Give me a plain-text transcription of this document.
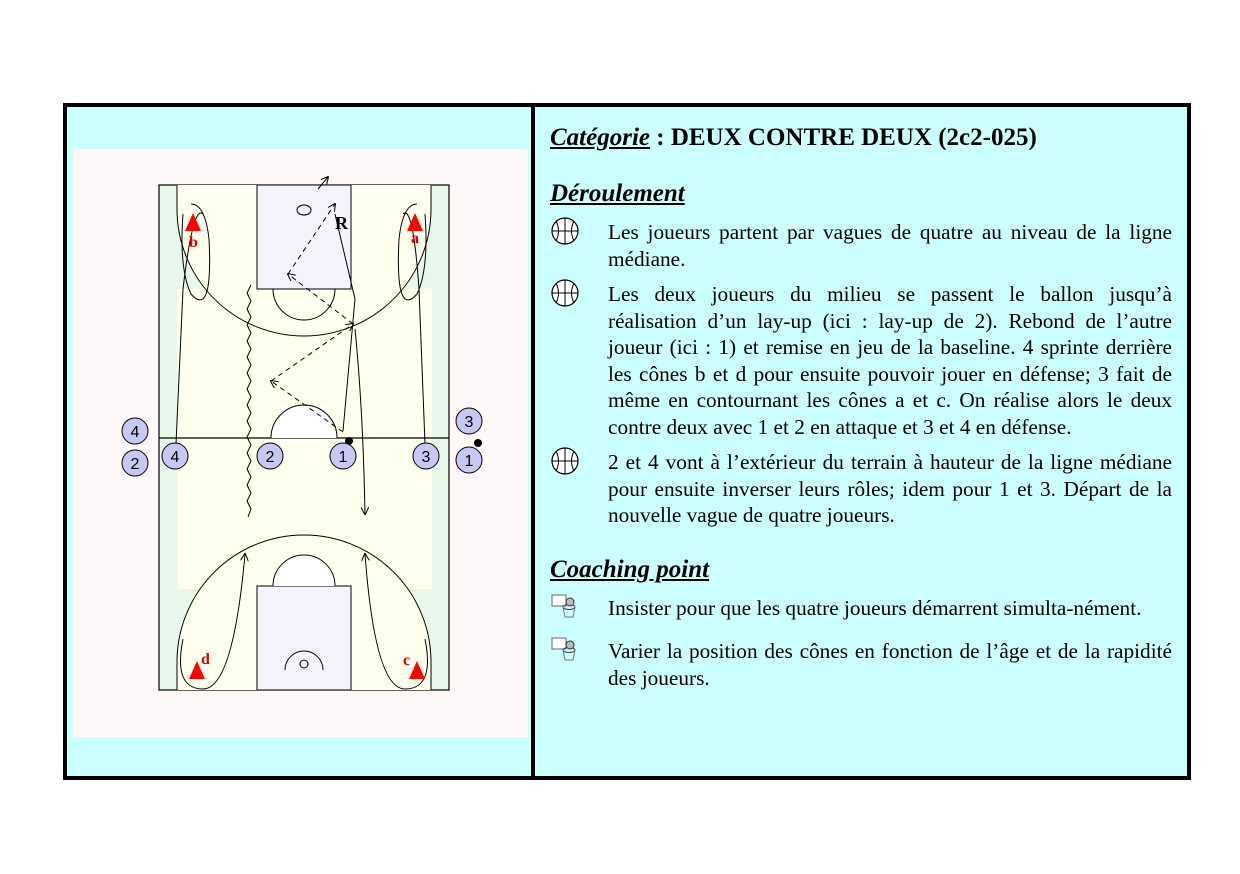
b	a
d	c
R
4	2	1	3
4
2
3
1

Catégorie : DEUX CONTRE DEUX (2c2-025)

Déroulement

Les joueurs partent par vagues de quatre au niveau de la ligne médiane.
Les deux joueurs du milieu se passent le ballon jusqu’à réalisation d’un lay-up (ici : lay-up de 2). Rebond de l’autre joueur (ici : 1) et remise en jeu de la baseline. 4 sprinte derrière les cônes b et d pour ensuite pouvoir jouer en défense; 3 fait de même en contournant les cônes a et c. On réalise alors le deux contre deux avec 1 et 2 en attaque et 3 et 4 en défense.
2 et 4 vont à l’extérieur du terrain à hauteur de la ligne médiane pour ensuite inverser leurs rôles; idem pour 1 et 3. Départ de la nouvelle vague de quatre joueurs.

Coaching point

Insister pour que les quatre joueurs démarrent simulta-nément.
Varier la position des cônes en fonction de l’âge et de la rapidité des joueurs.
